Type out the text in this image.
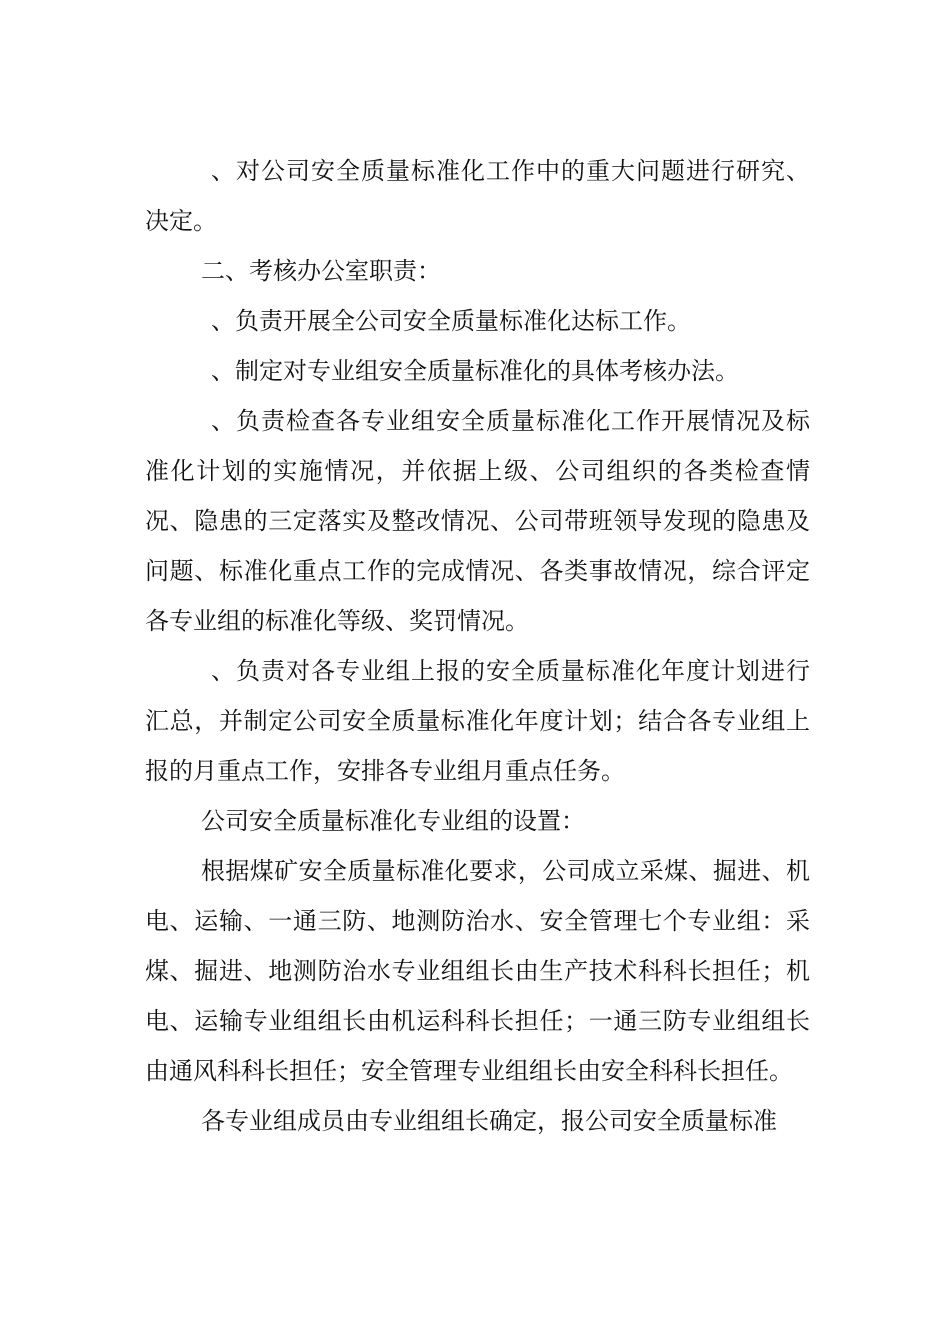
、对公司安全质量标准化工作中的重大问题进行研究、决定。

二、考核办公室职责：

、负责开展全公司安全质量标准化达标工作。

、制定对专业组安全质量标准化的具体考核办法。

、负责检查各专业组安全质量标准化工作开展情况及标准化计划的实施情况，并依据上级、公司组织的各类检查情况、隐患的三定落实及整改情况、公司带班领导发现的隐患及问题、标准化重点工作的完成情况、各类事故情况，综合评定各专业组的标准化等级、奖罚情况。

、负责对各专业组上报的安全质量标准化年度计划进行汇总，并制定公司安全质量标准化年度计划；结合各专业组上报的月重点工作，安排各专业组月重点任务。

公司安全质量标准化专业组的设置：

根据煤矿安全质量标准化要求，公司成立采煤、掘进、机电、运输、一通三防、地测防治水、安全管理七个专业组：采煤、掘进、地测防治水专业组组长由生产技术科科长担任；机电、运输专业组组长由机运科科长担任；一通三防专业组组长由通风科科长担任；安全管理专业组组长由安全科科长担任。

各专业组成员由专业组组长确定，报公司安全质量标准
